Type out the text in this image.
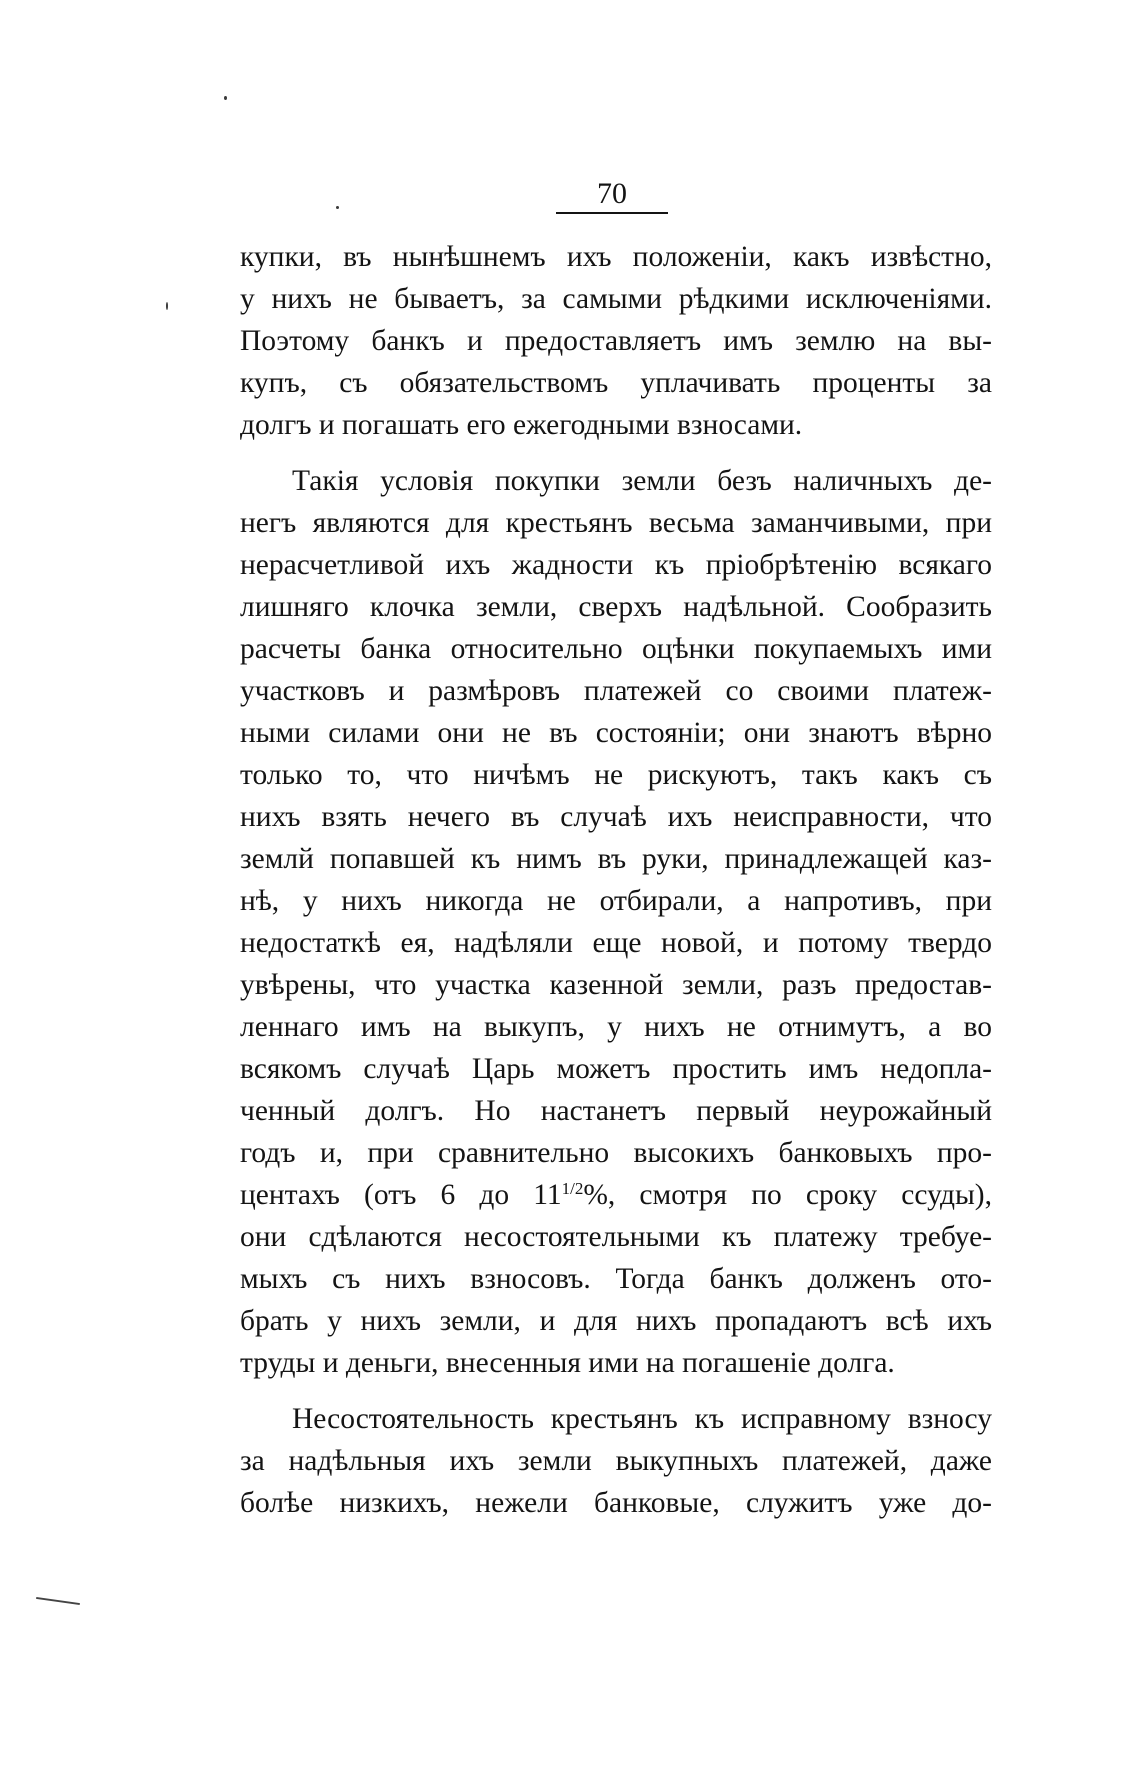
70
купки, въ нынѣшнемъ ихъ положеніи, какъ извѣстно,
у нихъ не бываетъ, за самыми рѣдкими исключеніями.
Поэтому банкъ и предоставляетъ имъ землю на вы-
купъ, съ обязательствомъ уплачивать проценты за
долгъ и погашать его ежегодными взносами.
Такія условія покупки земли безъ наличныхъ де-
негъ являются для крестьянъ весьма заманчивыми, при
нерасчетливой ихъ жадности къ пріобрѣтенію всякаго
лишняго клочка земли, сверхъ надѣльной. Сообразить
расчеты банка относительно оцѣнки покупаемыхъ ими
участковъ и размѣровъ платежей со своими платеж-
ными силами они не въ состояніи; они знаютъ вѣрно
только то, что ничѣмъ не рискуютъ, такъ какъ съ
нихъ взять нечего въ случаѣ ихъ неисправности, что
землй попавшей къ нимъ въ руки, принадлежащей каз-
нѣ, у нихъ никогда не отбирали, а напротивъ, при
недостаткѣ ея, надѣляли еще новой, и потому твердо
увѣрены, что участка казенной земли, разъ предостав-
леннаго имъ на выкупъ, у нихъ не отнимутъ, а во
всякомъ случаѣ Царь можетъ простить имъ недопла-
ченный долгъ. Но настанетъ первый неурожайный
годъ и, при сравнительно высокихъ банковыхъ про-
центахъ (отъ 6 до $11^{1/2}\%$, смотря по сроку ссуды),
они сдѣлаются несостоятельными къ платежу требуе-
мыхъ съ нихъ взносовъ. Тогда банкъ долженъ ото-
брать у нихъ земли, и для нихъ пропадаютъ всѣ ихъ
труды и деньги, внесенныя ими на погашеніе долга.
Несостоятельность крестьянъ къ исправному взносу
за надѣльныя ихъ земли выкупныхъ платежей, даже
болѣе низкихъ, нежели банковые, служитъ уже до-
